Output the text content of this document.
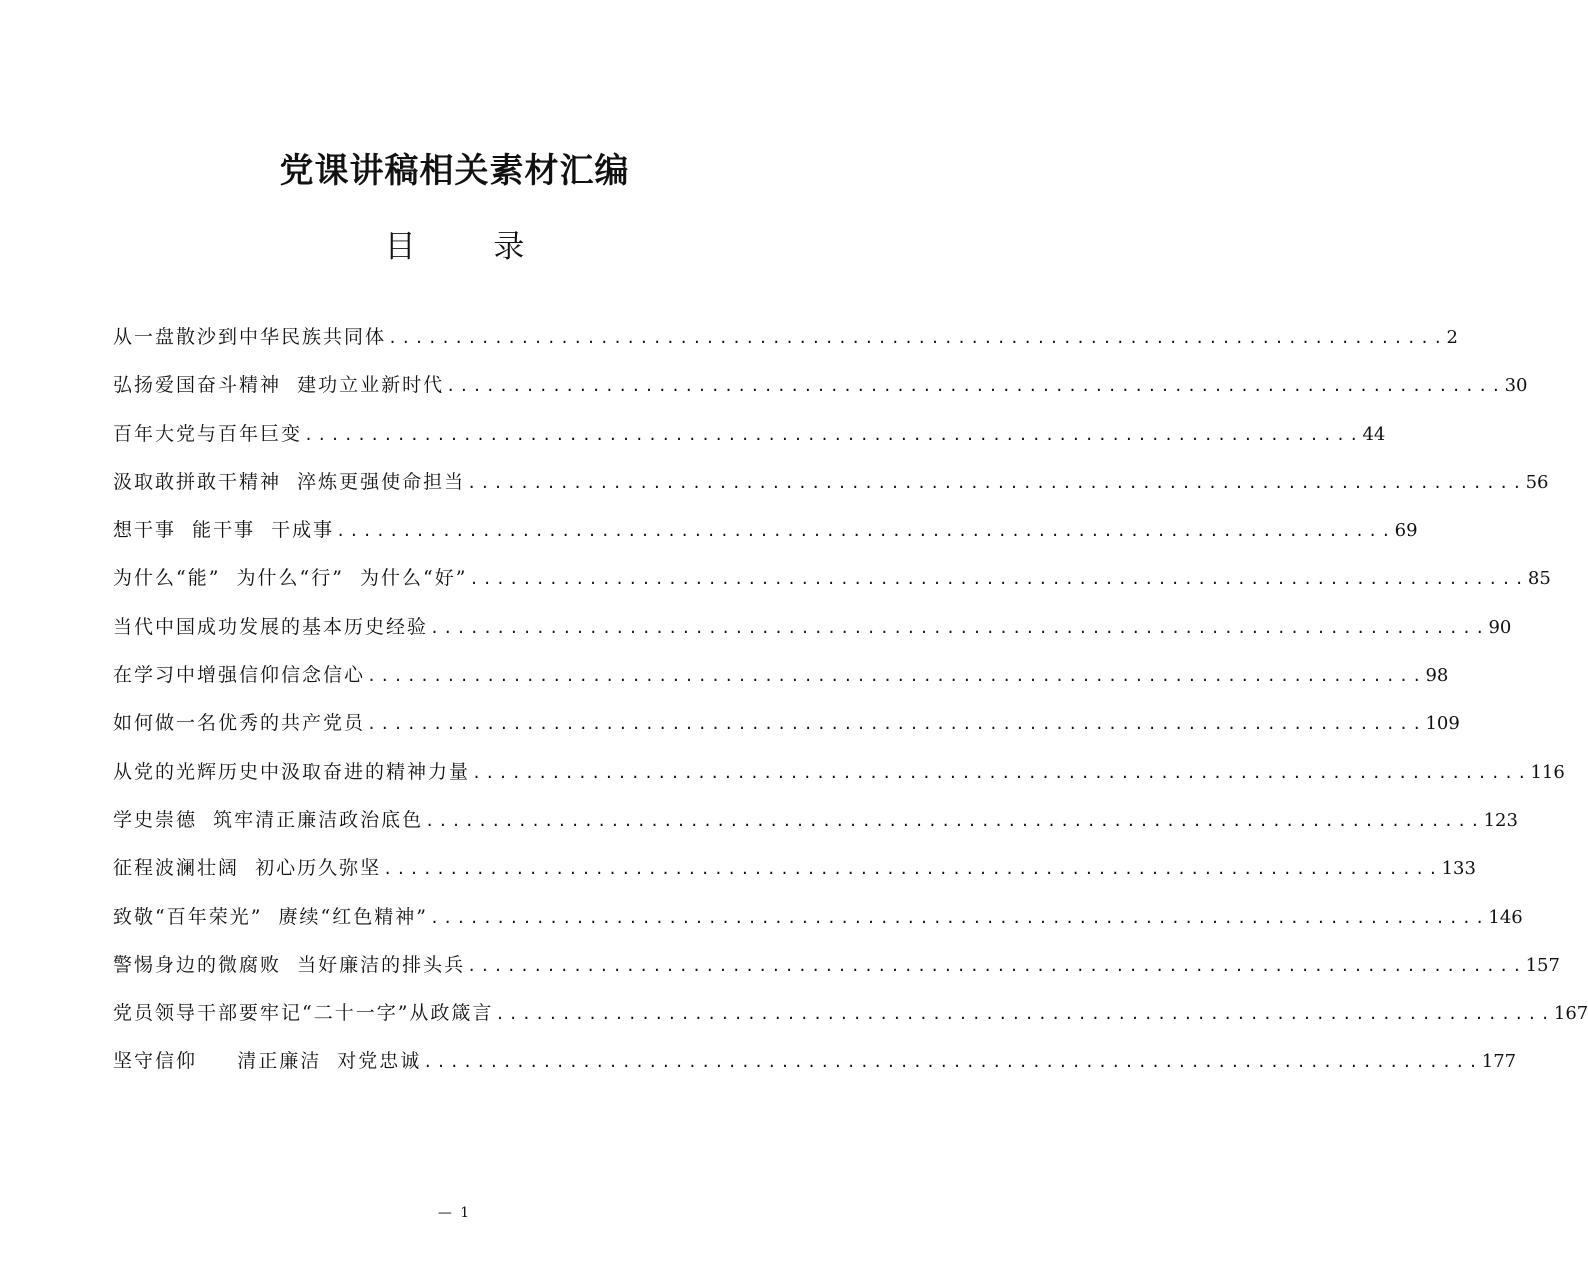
党课讲稿相关素材汇编
目 录
从一盘散沙到中华民族共同体 ................................................................................ 2
弘扬爱国奋斗精神  建功立业新时代 ................................................................................ 30
百年大党与百年巨变 ................................................................................ 44
汲取敢拼敢干精神  淬炼更强使命担当 ................................................................................ 56
想干事  能干事  干成事 ................................................................................ 69
为什么“能”  为什么“行”  为什么“好” ................................................................................ 85
当代中国成功发展的基本历史经验 ................................................................................ 90
在学习中增强信仰信念信心 ................................................................................ 98
如何做一名优秀的共产党员 ................................................................................ 109
从党的光辉历史中汲取奋进的精神力量 ................................................................................ 116
学史崇德  筑牢清正廉洁政治底色 ................................................................................ 123
征程波澜壮阔  初心历久弥坚 ................................................................................ 133
致敬“百年荣光”  赓续“红色精神” ................................................................................ 146
警惕身边的微腐败  当好廉洁的排头兵 ................................................................................ 157
党员领导干部要牢记“二十一字”从政箴言 ................................................................................ 167
坚守信仰     清正廉洁  对党忠诚 ................................................................................ 177
— 1
